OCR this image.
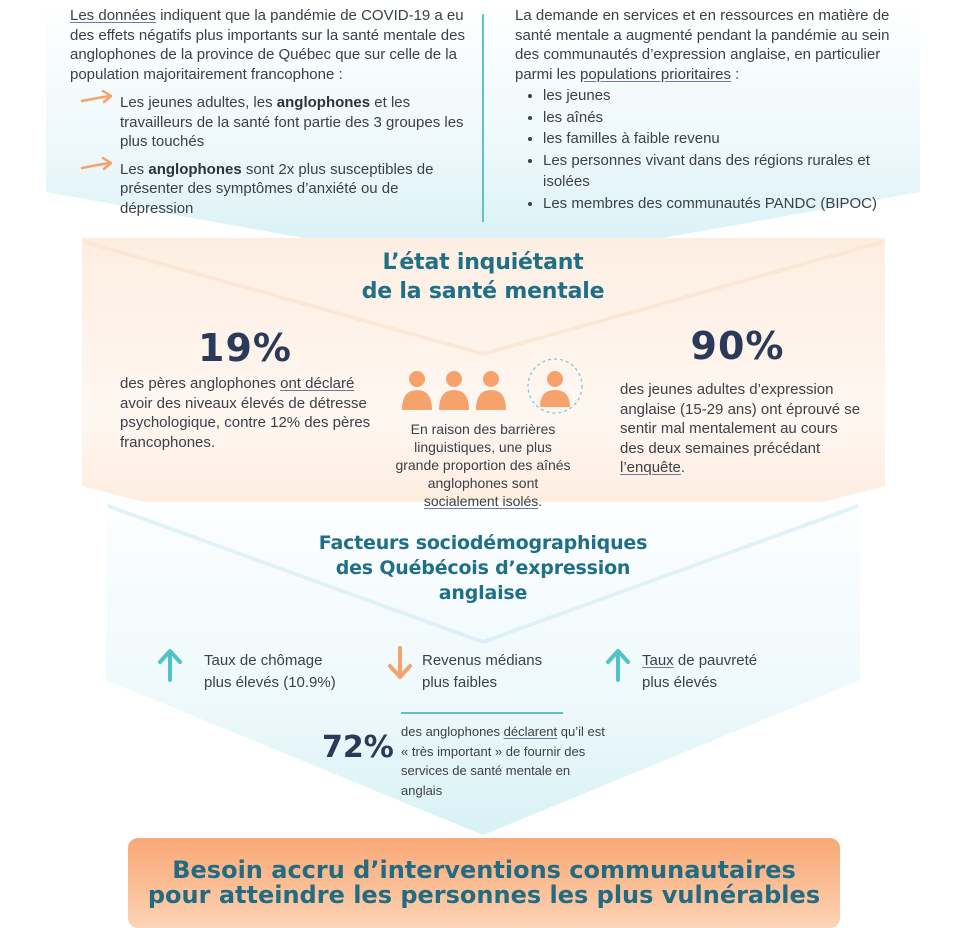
Les données indiquent que la pandémie de COVID-19 a eu des effets négatifs plus importants sur la santé mentale des anglophones de la province de Québec que sur celle de la population majoritairement francophone :

Les jeunes adultes, les anglophones et les travailleurs de la santé font partie des 3 groupes les plus touchés
Les anglophones sont 2x plus susceptibles de présenter des symptômes d’anxiété ou de dépression

La demande en services et en ressources en matière de santé mentale a augmenté pendant la pandémie au sein des communautés d’expression anglaise, en particulier parmi les populations prioritaires :

• les jeunes
• les aînés
• les familles à faible revenu
• Les personnes vivant dans des régions rurales et isolées
• Les membres des communautés PANDC (BIPOC)
L’état inquiétant
de la santé mentale
19%
des pères anglophones ont déclaré avoir des niveaux élevés de détresse psychologique, contre 12% des pères francophones.
En raison des barrières linguistiques, une plus grande proportion des aînés anglophones sont socialement isolés.
90%
des jeunes adultes d’expression anglaise (15-29 ans) ont éprouvé se sentir mal mentalement au cours des deux semaines précédant l’enquête.
Facteurs sociodémographiques
des Québécois d’expression
anglaise
Taux de chômage
plus élevés (10.9%)
Revenus médians
plus faibles
Taux de pauvreté
plus élevés
72% des anglophones déclarent qu’il est « très important » de fournir des services de santé mentale en anglais
Besoin accru d’interventions communautaires
pour atteindre les personnes les plus vulnérables
